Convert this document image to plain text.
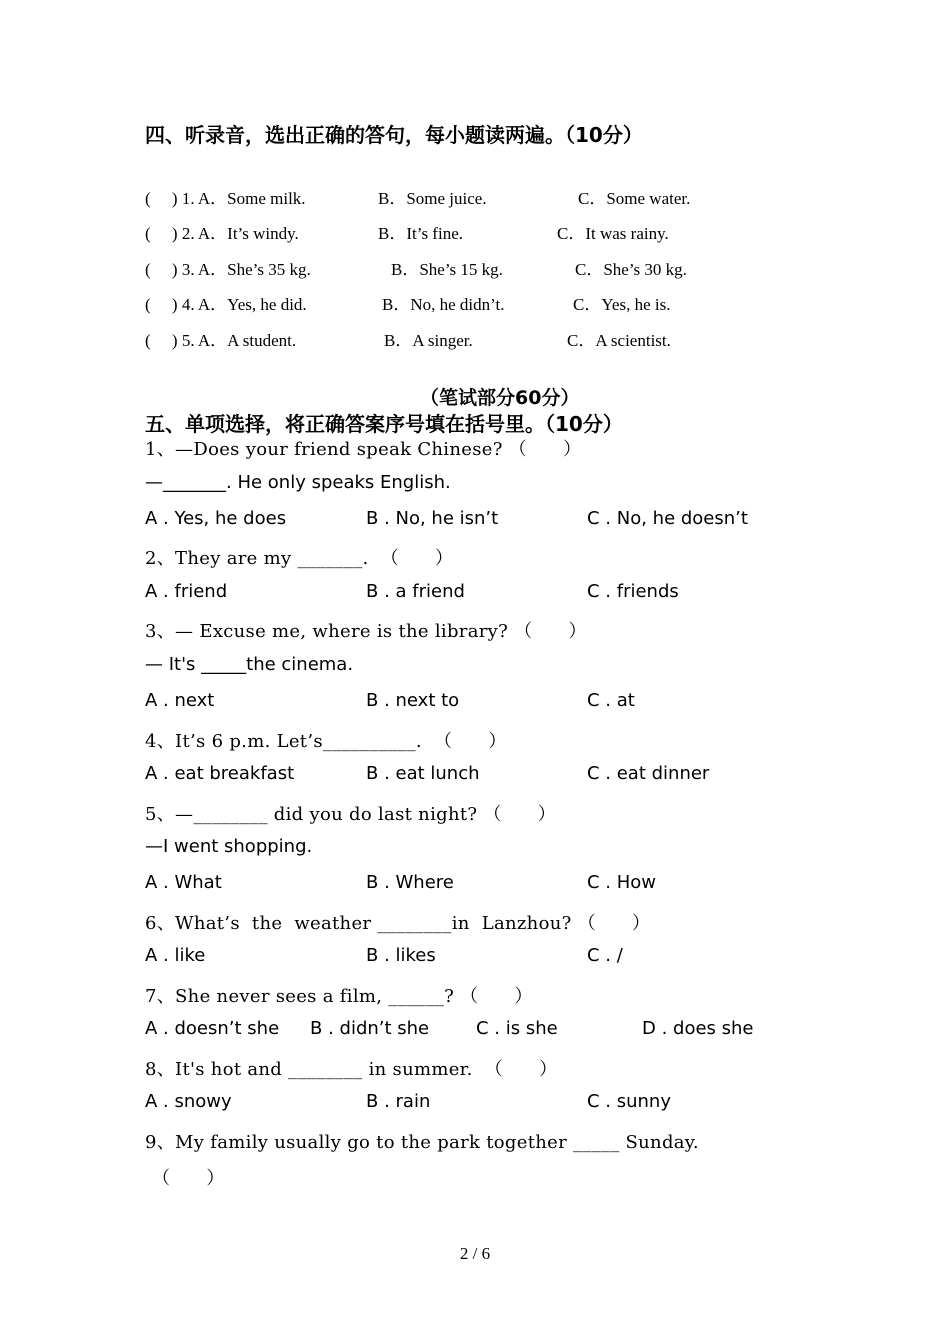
四、听录音，选出正确的答句，每小题读两遍。（10分）
(     ) 1. A．Some milk.	B．Some juice.	C．Some water.
(     ) 2. A．It’s windy.	B．It’s fine.	C．It was rainy.
(     ) 3. A．She’s 35 kg.	B．She’s 15 kg.	C．She’s 30 kg.
(     ) 4. A．Yes, he did.	B．No, he didn’t.	C．Yes, he is.
(     ) 5. A．A student.	B．A singer.	C．A scientist.
（笔试部分60分）
五、单项选择，将正确答案序号填在括号里。（10分）
1、—Does your friend speak Chinese? （      ）
—_______. He only speaks English.
A . Yes, he does	B . No, he isn’t	C . No, he doesn’t
2、They are my _______.  （      ）
A . friend	B . a friend	C . friends
3、— Excuse me, where is the library? （      ）
— It's _____the cinema.
A . next	B . next to	C . at
4、It’s 6 p.m. Let’s__________.  （      ）
A . eat breakfast	B . eat lunch	C . eat dinner
5、—________ did you do last night? （      ）
—I went shopping.
A . What	B . Where	C . How
6、What’s  the  weather ________in  Lanzhou? （      ）
A . like	B . likes	C . /
7、She never sees a film, ______? （      ）
A . doesn’t she B . didn’t she	C . is she	D . does she
8、It's hot and ________ in summer.  （      ）
A . snowy	B . rain	C . sunny
9、My family usually go to the park together _____ Sunday.
（      ）
2 / 6
